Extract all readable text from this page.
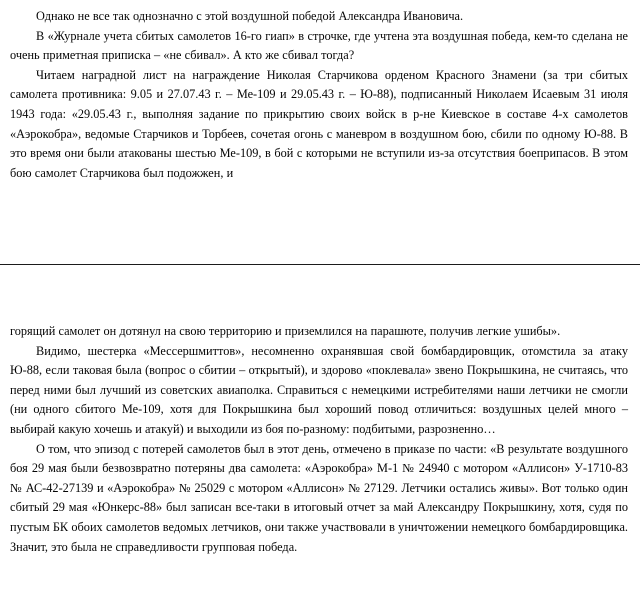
Однако не все так однозначно с этой воздушной победой Александра Ивановича.

В «Журнале учета сбитых самолетов 16-го гиап» в строчке, где учтена эта воздушная победа, кем-то сделана не очень приметная приписка – «не сбивал». А кто же сбивал тогда?

Читаем наградной лист на награждение Николая Старчикова орденом Красного Знамени (за три сбитых самолета противника: 9.05 и 27.07.43 г. – Ме-109 и 29.05.43 г. – Ю-88), подписанный Николаем Исаевым 31 июля 1943 года: «29.05.43 г., выполняя задание по прикрытию своих войск в р-не Киевское в составе 4-х самолетов «Аэрокобра», ведомые Старчиков и Торбеев, сочетая огонь с маневром в воздушном бою, сбили по одному Ю-88. В это время они были атакованы шестью Ме-109, в бой с которыми не вступили из-за отсутствия боеприпасов. В этом бою самолет Старчикова был подожжен, и

горящий самолет он дотянул на свою территорию и приземлился на парашюте, получив легкие ушибы».

Видимо, шестерка «Мессершмиттов», несомненно охранявшая свой бомбардировщик, отомстила за атаку Ю-88, если таковая была (вопрос о сбитии – открытый), и здорово «поклевала» звено Покрышкина, не считаясь, что перед ними был лучший из советских авиаполка. Справиться с немецкими истребителями наши летчики не смогли (ни одного сбитого Ме-109, хотя для Покрышкина был хороший повод отличиться: воздушных целей много – выбирай какую хочешь и атакуй) и выходили из боя по-разному: подбитыми, разрозненно…

О том, что эпизод с потерей самолетов был в этот день, отмечено в приказе по части: «В результате воздушного боя 29 мая были безвозвратно потеряны два самолета: «Аэрокобра» М-1 № 24940 с мотором «Аллисон» У-1710-83 № АС-42-27139 и «Аэрокобра» № 25029 с мотором «Аллисон» № 27129. Летчики остались живы». Вот только один сбитый 29 мая «Юнкерс-88» был записан все-таки в итоговый отчет за май Александру Покрышкину, хотя, судя по пустым БК обоих самолетов ведомых летчиков, они также участвовали в уничтожении немецкого бомбардировщика. Значит, это была не справедливости групповая победа.
